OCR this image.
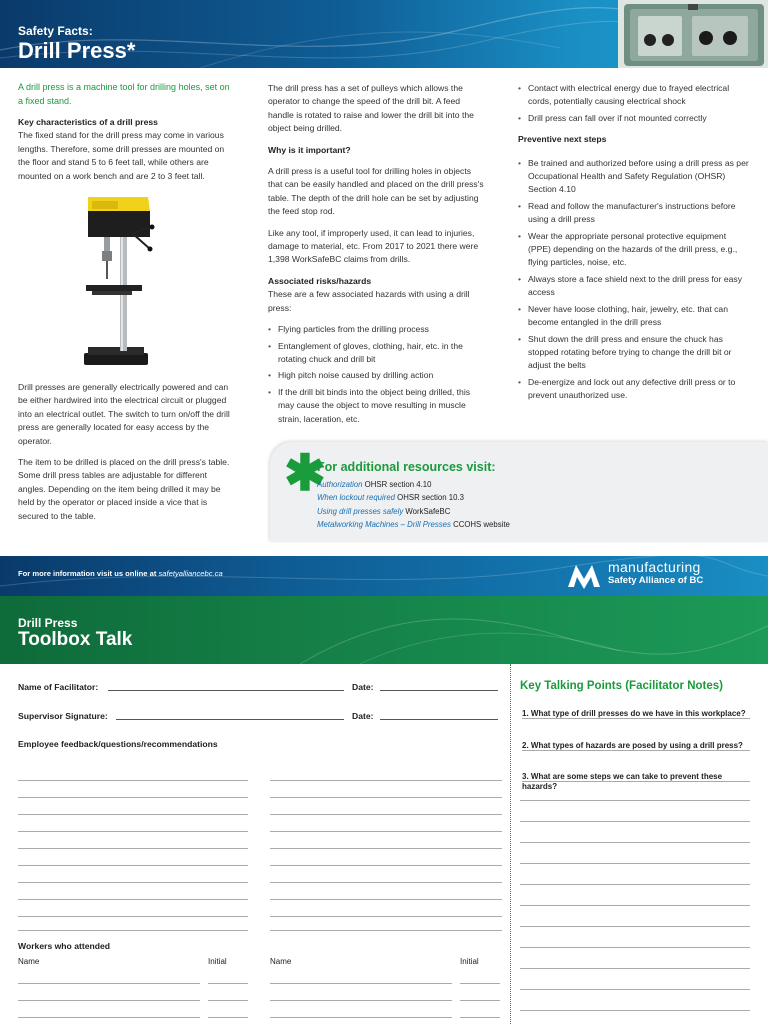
Safety Facts:
Drill Press*

A drill press is a machine tool for drilling holes, set on a fixed stand.

Key characteristics of a drill press

The fixed stand for the drill press may come in various lengths. Therefore, some drill presses are mounted on the floor and stand 5 to 6 feet tall, while others are mounted on a work bench and are 2 to 3 feet tall.

Drill presses are generally electrically powered and can be either hardwired into the electrical circuit or plugged into an electrical outlet. The switch to turn on/off the drill press are generally located for easy access by the operator.

The item to be drilled is placed on the drill press's table. Some drill press tables are adjustable for different angles. Depending on the item being drilled it may be held by the operator or placed inside a vice that is secured to the table.

The drill press has a set of pulleys which allows the operator to change the speed of the drill bit. A feed handle is rotated to raise and lower the drill bit into the object being drilled.

Why is it important?

A drill press is a useful tool for drilling holes in objects that can be easily handled and placed on the drill press's table. The depth of the drill hole can be set by adjusting the feed stop rod.

Like any tool, if improperly used, it can lead to injuries, damage to material, etc. From 2017 to 2021 there were 1,398 WorkSafeBC claims from drills.

Associated risks/hazards

These are a few associated hazards with using a drill press:

• Flying particles from the drilling process
• Entanglement of gloves, clothing, hair, etc. in the rotating chuck and drill bit
• High pitch noise caused by drilling action
• If the drill bit binds into the object being drilled, this may cause the object to move resulting in muscle strain, laceration, etc.
• Contact with electrical energy due to frayed electrical cords, potentially causing electrical shock
• Drill press can fall over if not mounted correctly

Preventive next steps

• Be trained and authorized before using a drill press as per Occupational Health and Safety Regulation (OHSR) Section 4.10
• Read and follow the manufacturer's instructions before using a drill press
• Wear the appropriate personal protective equipment (PPE) depending on the hazards of the drill press, e.g., flying particles, noise, etc.
• Always store a face shield next to the drill press for easy access
• Never have loose clothing, hair, jewelry, etc. that can become entangled in the drill press
• Shut down the drill press and ensure the chuck has stopped rotating before trying to change the drill bit or adjust the belts
• De-energize and lock out any defective drill press or to prevent unauthorized use.
✱
For additional resources visit:
Authorization OHSR section 4.10
When lockout required OHSR section 10.3
Using drill presses safely WorkSafeBC
Metalworking Machines – Drill Presses CCOHS website
For more information visit us online at safetyalliancebc.ca	manufacturing
Safety Alliance of BC
Drill Press
Toolbox Talk
Name of Facilitator:	Date:
Supervisor Signature:	Date:
Employee feedback/questions/recommendations
Workers who attended
Name	Initial	Name	Initial
Key Talking Points (Facilitator Notes)
1. What type of drill presses do we have in this workplace?
2. What types of hazards are posed by using a drill press?
3. What are some steps we can take to prevent these hazards?
